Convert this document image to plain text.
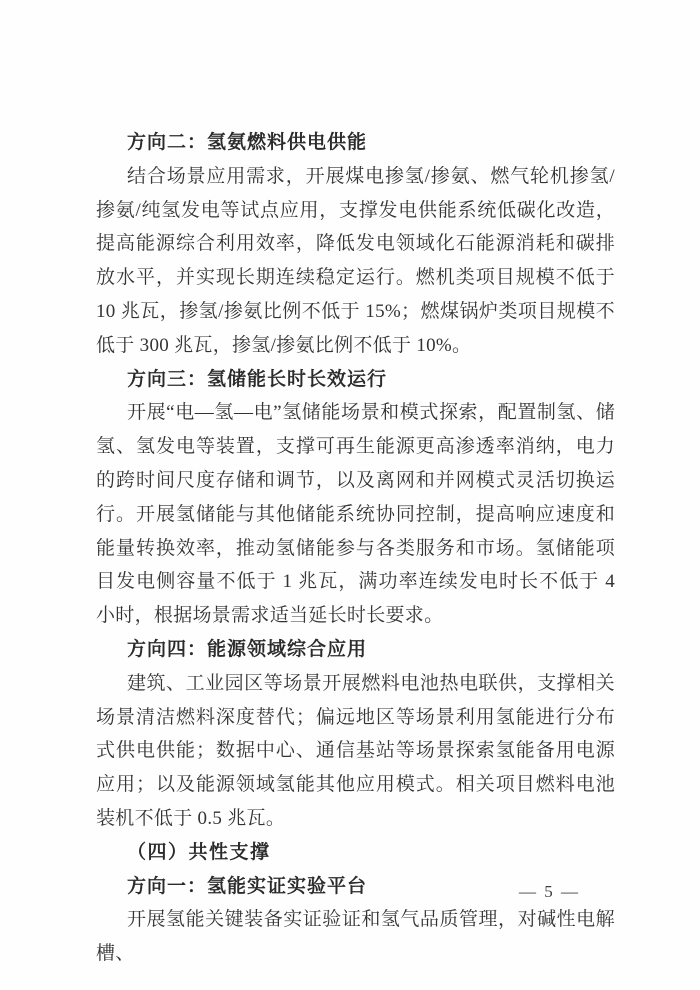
方向二：氢氨燃料供电供能

结合场景应用需求，开展煤电掺氢/掺氨、燃气轮机掺氢/掺氨/纯氢发电等试点应用，支撑发电供能系统低碳化改造，提高能源综合利用效率，降低发电领域化石能源消耗和碳排放水平，并实现长期连续稳定运行。燃机类项目规模不低于 10 兆瓦，掺氢/掺氨比例不低于 15%；燃煤锅炉类项目规模不低于 300 兆瓦，掺氢/掺氨比例不低于 10%。

方向三：氢储能长时长效运行

开展“电—氢—电”氢储能场景和模式探索，配置制氢、储氢、氢发电等装置，支撑可再生能源更高渗透率消纳，电力的跨时间尺度存储和调节，以及离网和并网模式灵活切换运行。开展氢储能与其他储能系统协同控制，提高响应速度和能量转换效率，推动氢储能参与各类服务和市场。氢储能项目发电侧容量不低于 1 兆瓦，满功率连续发电时长不低于 4 小时，根据场景需求适当延长时长要求。

方向四：能源领域综合应用

建筑、工业园区等场景开展燃料电池热电联供，支撑相关场景清洁燃料深度替代；偏远地区等场景利用氢能进行分布式供电供能；数据中心、通信基站等场景探索氢能备用电源应用；以及能源领域氢能其他应用模式。相关项目燃料电池装机不低于 0.5 兆瓦。

（四）共性支撑
方向一：氢能实证实验平台

开展氢能关键装备实证验证和氢气品质管理，对碱性电解槽、

— 5 —
